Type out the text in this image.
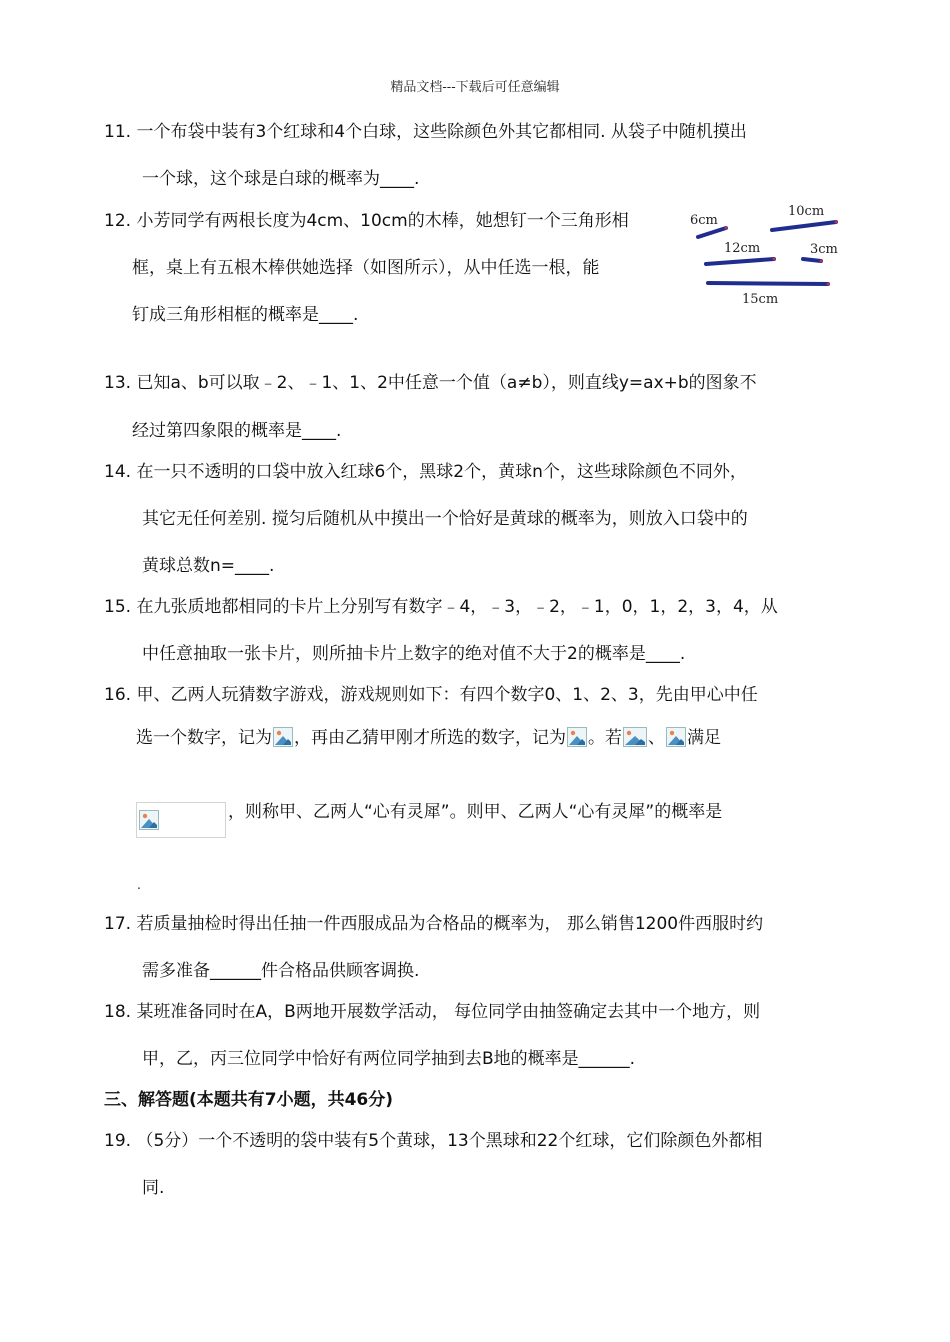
精品文档---下载后可任意编辑
11. 一个布袋中装有3个红球和4个白球，这些除颜色外其它都相同. 从袋子中随机摸出
一个球，这个球是白球的概率为____.
12. 小芳同学有两根长度为4cm、10cm的木棒，她想钉一个三角形相
框，桌上有五根木棒供她选择（如图所示），从中任选一根，能
钉成三角形相框的概率是____.
6cm
10cm
12cm	3cm
15cm
13. 已知a、b可以取﹣2、﹣1、1、2中任意一个值（a≠b），则直线y=ax+b的图象不
经过第四象限的概率是____.
14. 在一只不透明的口袋中放入红球6个，黑球2个，黄球n个，这些球除颜色不同外，
其它无任何差别. 搅匀后随机从中摸出一个恰好是黄球的概率为，则放入口袋中的
黄球总数n=____.
15. 在九张质地都相同的卡片上分别写有数字﹣4，﹣3，﹣2，﹣1，0，1，2，3，4，从
中任意抽取一张卡片，则所抽卡片上数字的绝对值不大于2的概率是____.
16. 甲、乙两人玩猜数字游戏，游戏规则如下：有四个数字0、1、2、3，先由甲心中任
选一个数字，记为 ，再由乙猜甲刚才所选的数字，记为 。若 、 满足
，则称甲、乙两人“心有灵犀”。则甲、乙两人“心有灵犀”的概率是
.
17. 若质量抽检时得出任抽一件西服成品为合格品的概率为， 那么销售1200件西服时约
需多准备______件合格品供顾客调换.
18. 某班准备同时在A，B两地开展数学活动， 每位同学由抽签确定去其中一个地方，则
甲，乙，丙三位同学中恰好有两位同学抽到去B地的概率是______.
三、解答题(本题共有7小题，共46分)
19. （5分）一个不透明的袋中装有5个黄球，13个黑球和22个红球，它们除颜色外都相
同.
